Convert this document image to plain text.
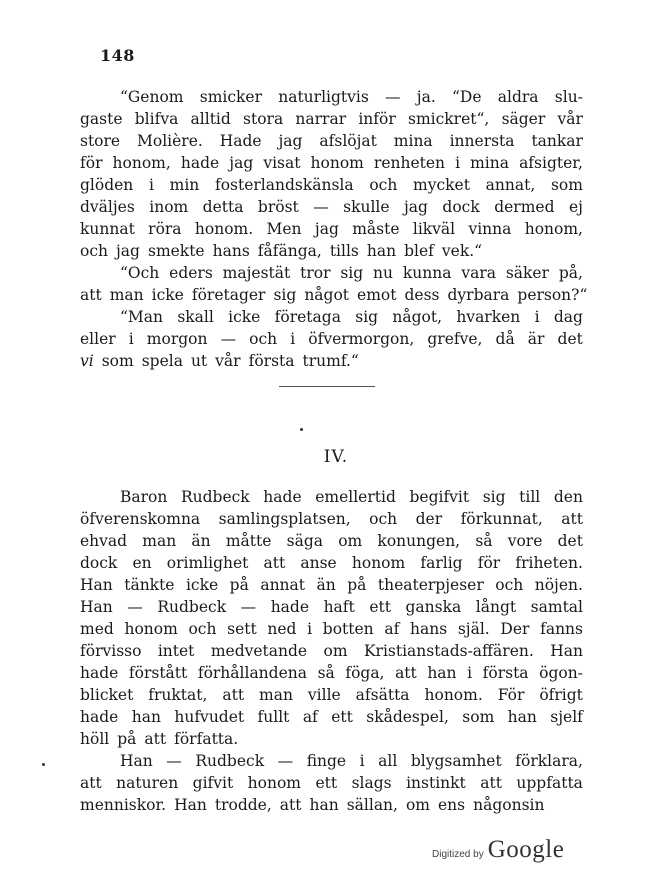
148
“Genom smicker naturligtvis — ja. “De aldra slu-
gaste blifva alltid stora narrar inför smickret“, säger vår
store Molière. Hade jag afslöjat mina innersta tankar
för honom, hade jag visat honom renheten i mina afsigter,
glöden i min fosterlandskänsla och mycket annat, som
dväljes inom detta bröst — skulle jag dock dermed ej
kunnat röra honom. Men jag måste likväl vinna honom,
och jag smekte hans fåfänga, tills han blef vek.“
“Och eders majestät tror sig nu kunna vara säker på,
att man icke företager sig något emot dess dyrbara person?“
“Man skall icke företaga sig något, hvarken i dag
eller i morgon — och i öfvermorgon, grefve, då är det
vi som spela ut vår första trumf.“
IV.
Baron Rudbeck hade emellertid begifvit sig till den
öfverenskomna samlingsplatsen, och der förkunnat, att
ehvad man än måtte säga om konungen, så vore det
dock en orimlighet att anse honom farlig för friheten.
Han tänkte icke på annat än på theaterpjeser och nöjen.
Han — Rudbeck — hade haft ett ganska långt samtal
med honom och sett ned i botten af hans själ. Der fanns
förvisso intet medvetande om Kristianstads-affären. Han
hade förstått förhållandena så föga, att han i första ögon-
blicket fruktat, att man ville afsätta honom. För öfrigt
hade han hufvudet fullt af ett skådespel, som han sjelf
höll på att författa.
Han — Rudbeck — finge i all blygsamhet förklara,
att naturen gifvit honom ett slags instinkt att uppfatta
menniskor. Han trodde, att han sällan, om ens någonsin
Digitized by Google
